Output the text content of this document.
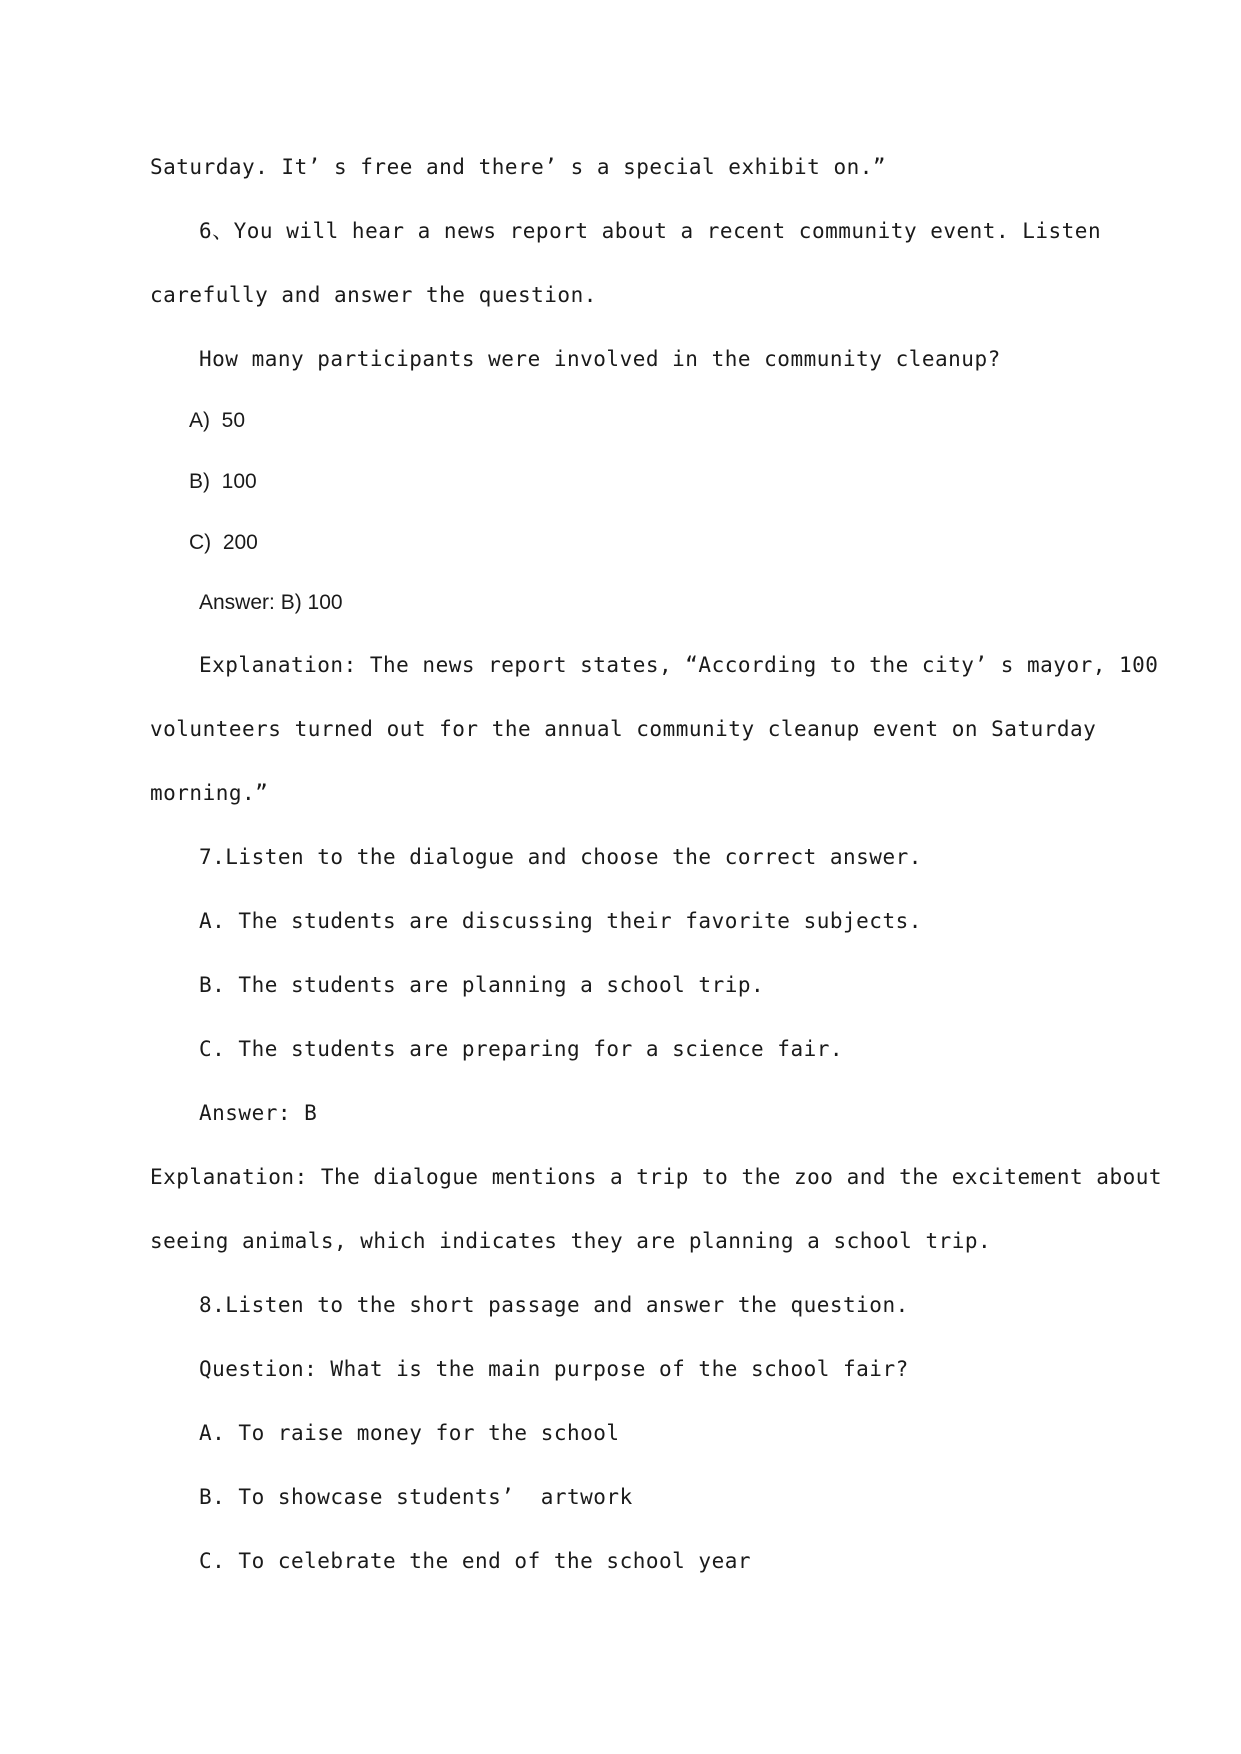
Saturday. It’ s free and there’ s a special exhibit on.”
6、You will hear a news report about a recent community event. Listen
carefully and answer the question.
How many participants were involved in the community cleanup?
A)  50
B)  100
C)  200
Answer: B) 100
Explanation: The news report states, “According to the city’ s mayor, 100
volunteers turned out for the annual community cleanup event on Saturday
morning.”
7.Listen to the dialogue and choose the correct answer.
A. The students are discussing their favorite subjects.
B. The students are planning a school trip.
C. The students are preparing for a science fair.
Answer: B
Explanation: The dialogue mentions a trip to the zoo and the excitement about
seeing animals, which indicates they are planning a school trip.
8.Listen to the short passage and answer the question.
Question: What is the main purpose of the school fair?
A. To raise money for the school
B. To showcase students’  artwork
C. To celebrate the end of the school year
